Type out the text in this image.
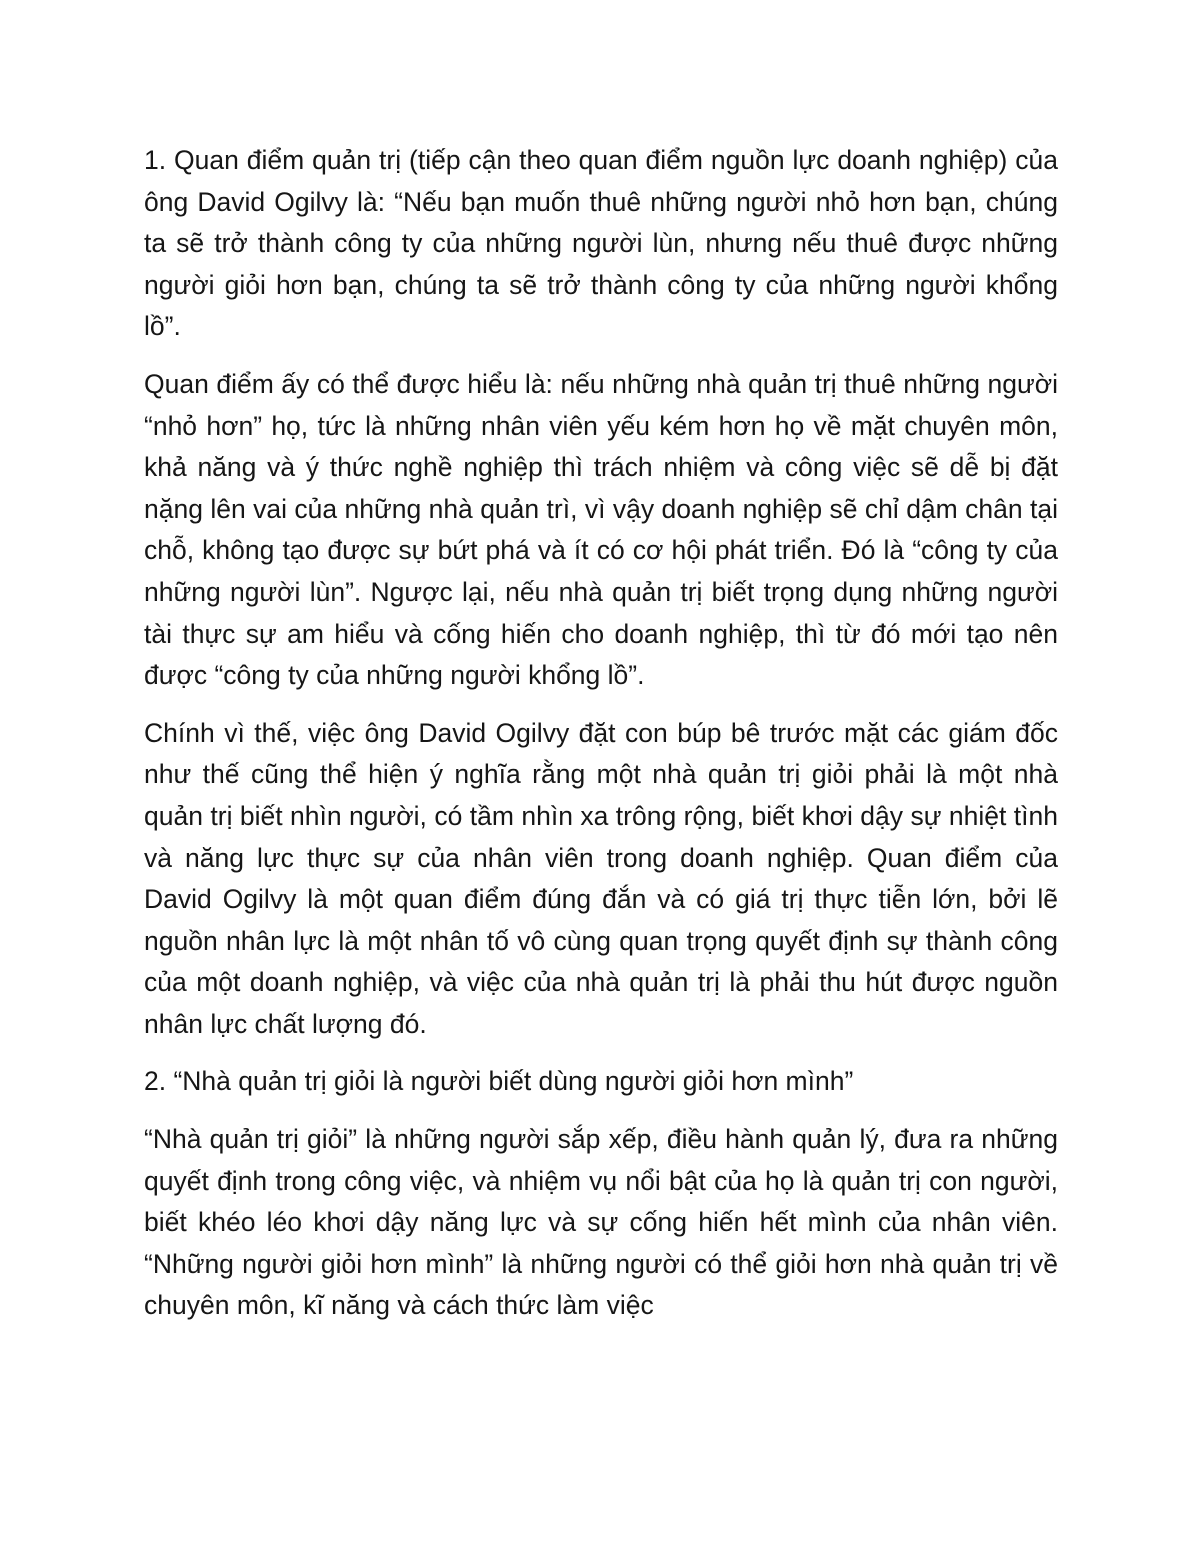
1. Quan điểm quản trị (tiếp cận theo quan điểm nguồn lực doanh nghiệp) của ông David Ogilvy là: “Nếu bạn muốn thuê những người nhỏ hơn bạn, chúng ta sẽ trở thành công ty của những người lùn, nhưng nếu thuê được những người giỏi hơn bạn, chúng ta sẽ trở thành công ty của những người khổng lồ”.

Quan điểm ấy có thể được hiểu là: nếu những nhà quản trị thuê những người “nhỏ hơn” họ, tức là những nhân viên yếu kém hơn họ về mặt chuyên môn, khả năng và ý thức nghề nghiệp thì trách nhiệm và công việc sẽ dễ bị đặt nặng lên vai của những nhà quản trì, vì vậy doanh nghiệp sẽ chỉ dậm chân tại chỗ, không tạo được sự bứt phá và ít có cơ hội phát triển. Đó là “công ty của những người lùn”. Ngược lại, nếu nhà quản trị biết trọng dụng những người tài thực sự am hiểu và cống hiến cho doanh nghiệp, thì từ đó mới tạo nên được “công ty của những người khổng lồ”.

Chính vì thế, việc ông David Ogilvy đặt con búp bê trước mặt các giám đốc như thế cũng thể hiện ý nghĩa rằng một nhà quản trị giỏi phải là một nhà quản trị biết nhìn người, có tầm nhìn xa trông rộng, biết khơi dậy sự nhiệt tình và năng lực thực sự của nhân viên trong doanh nghiệp. Quan điểm của David Ogilvy là một quan điểm đúng đắn và có giá trị thực tiễn lớn, bởi lẽ nguồn nhân lực là một nhân tố vô cùng quan trọng quyết định sự thành công của một doanh nghiệp, và việc của nhà quản trị là phải thu hút được nguồn nhân lực chất lượng đó.

2. “Nhà quản trị giỏi là người biết dùng người giỏi hơn mình”

“Nhà quản trị giỏi” là những người sắp xếp, điều hành quản lý, đưa ra những quyết định trong công việc, và nhiệm vụ nổi bật của họ là quản trị con người, biết khéo léo khơi dậy năng lực và sự cống hiến hết mình của nhân viên. “Những người giỏi hơn mình” là những người có thể giỏi hơn nhà quản trị về chuyên môn, kĩ năng và cách thức làm việc
